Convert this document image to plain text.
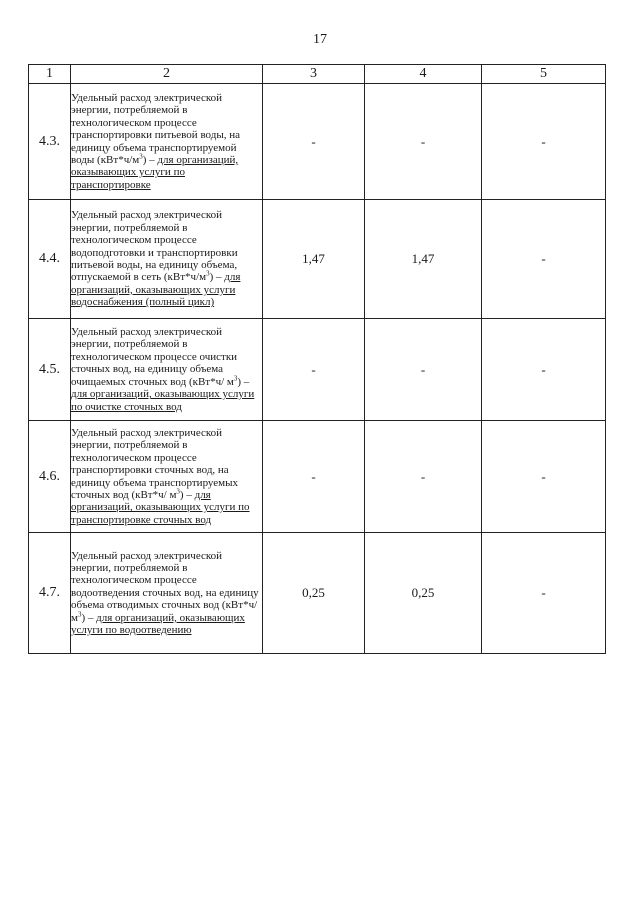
17
1	2	3	4	5
4.3.	Удельный расход электрической энергии, потребляемой в технологическом процессе транспортировки питьевой воды, на единицу объема транспортируемой воды $(кВт*ч/м^3)$ – для организаций, оказывающих услуги по транспортировке	-	-	-
4.4.	Удельный расход электрической энергии, потребляемой в технологическом процессе водоподготовки и транспортировки питьевой воды, на единицу объема, отпускаемой в сеть $(кВт*ч/м^3)$ – для организаций, оказывающих услуги водоснабжения (полный цикл)	1,47	1,47	-
4.5.	Удельный расход электрической энергии, потребляемой в технологическом процессе очистки сточных вод, на единицу объема очищаемых сточных вод (кВт*ч/ $м^3$) – для организаций, оказывающих услуги по очистке сточных вод	-	-	-
4.6.	Удельный расход электрической энергии, потребляемой в технологическом процессе транспортировки сточных вод, на единицу объема транспортируемых сточных вод (кВт*ч/ $м^3$) – для организаций, оказывающих услуги по транспортировке сточных вод	-	-	-
4.7.	Удельный расход электрической энергии, потребляемой в технологическом процессе водоотведения сточных вод, на единицу объема отводимых сточных вод (кВт*ч/ $м^3$) – для организаций, оказывающих услуги по водоотведению	0,25	0,25	-
